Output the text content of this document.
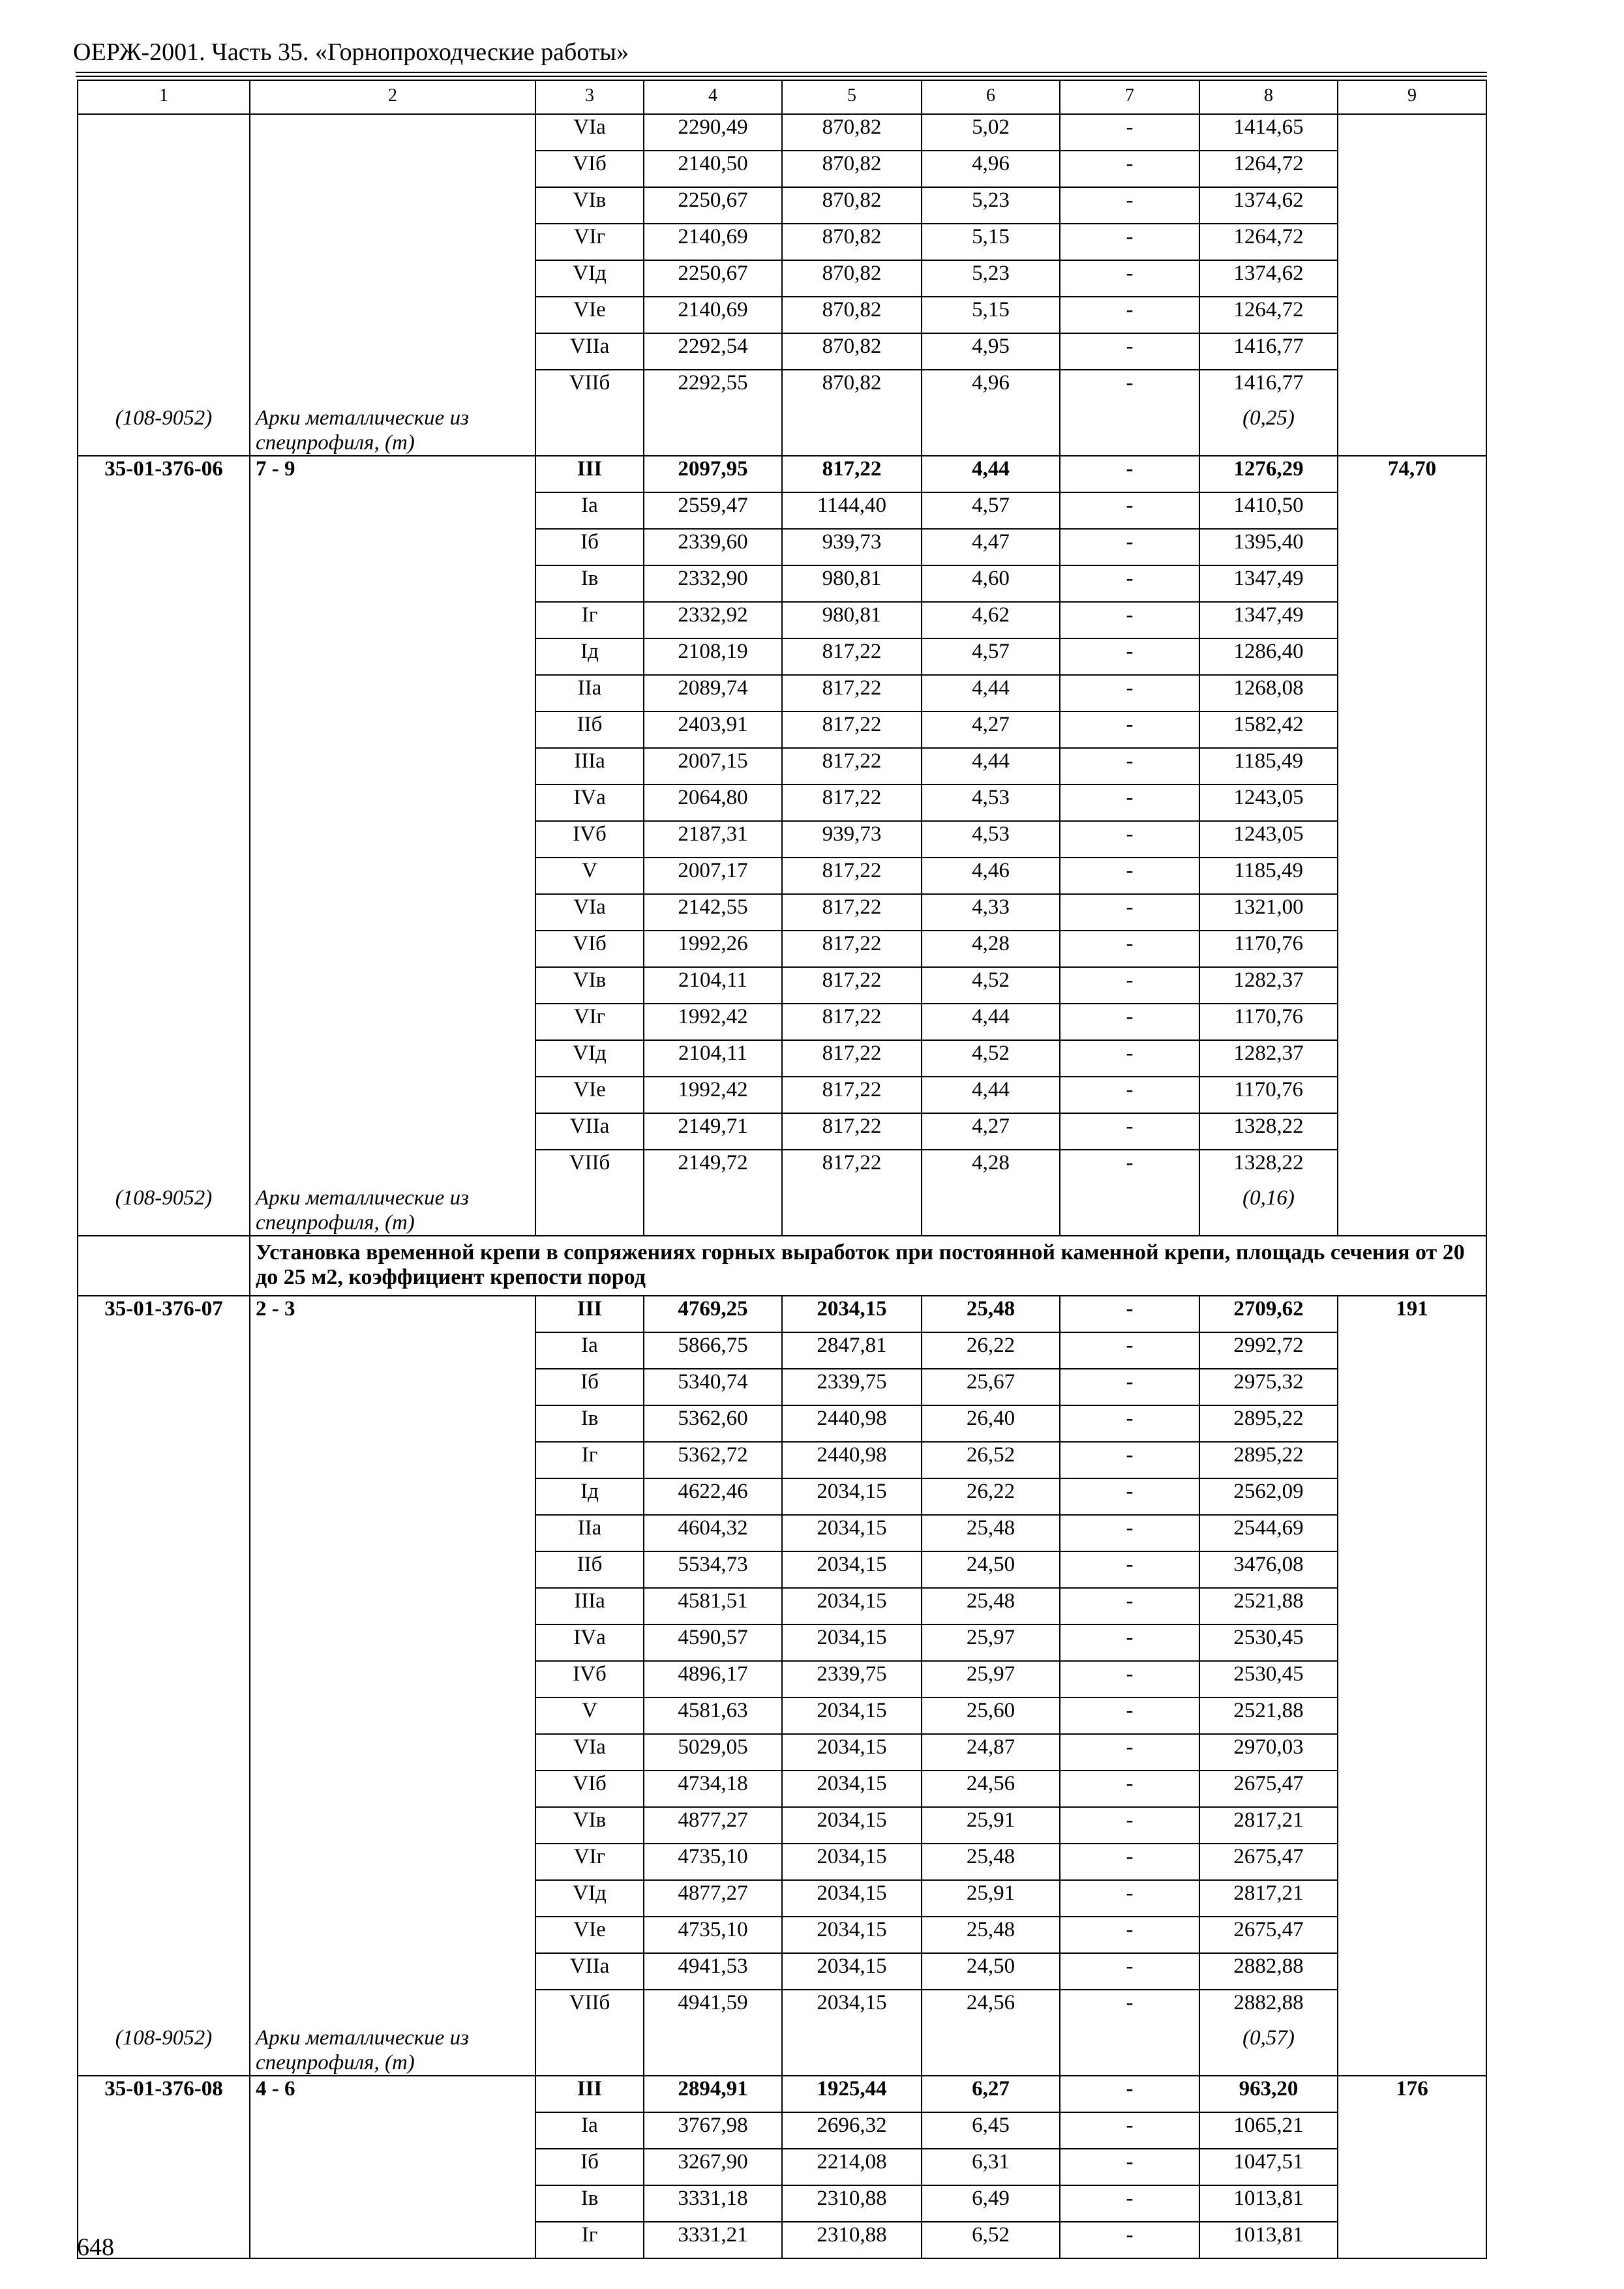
ОЕРЖ-2001. Часть 35. «Горнопроходческие работы»
1	2	3	4	5	6	7	8	9
		VIа	2290,49	870,82	5,02	-	1414,65	
		VIб	2140,50	870,82	4,96	-	1264,72	
		VIв	2250,67	870,82	5,23	-	1374,62	
		VIг	2140,69	870,82	5,15	-	1264,72	
		VIд	2250,67	870,82	5,23	-	1374,62	
		VIе	2140,69	870,82	5,15	-	1264,72	
		VIIа	2292,54	870,82	4,95	-	1416,77	
		VIIб	2292,55	870,82	4,96	-	1416,77	
(108-9052)	Арки металлические из спецпрофиля, (т)						(0,25)	
35-01-376-06	7 - 9	III	2097,95	817,22	4,44	-	1276,29	74,70
		Iа	2559,47	1144,40	4,57	-	1410,50	
		Iб	2339,60	939,73	4,47	-	1395,40	
		Iв	2332,90	980,81	4,60	-	1347,49	
		Iг	2332,92	980,81	4,62	-	1347,49	
		Iд	2108,19	817,22	4,57	-	1286,40	
		IIа	2089,74	817,22	4,44	-	1268,08	
		IIб	2403,91	817,22	4,27	-	1582,42	
		IIIа	2007,15	817,22	4,44	-	1185,49	
		IVа	2064,80	817,22	4,53	-	1243,05	
		IVб	2187,31	939,73	4,53	-	1243,05	
		V	2007,17	817,22	4,46	-	1185,49	
		VIа	2142,55	817,22	4,33	-	1321,00	
		VIб	1992,26	817,22	4,28	-	1170,76	
		VIв	2104,11	817,22	4,52	-	1282,37	
		VIг	1992,42	817,22	4,44	-	1170,76	
		VIд	2104,11	817,22	4,52	-	1282,37	
		VIе	1992,42	817,22	4,44	-	1170,76	
		VIIа	2149,71	817,22	4,27	-	1328,22	
		VIIб	2149,72	817,22	4,28	-	1328,22	
(108-9052)	Арки металлические из спецпрофиля, (т)						(0,16)	
	Установка временной крепи в сопряжениях горных выработок при постоянной каменной крепи, площадь сечения от 20 до 25 м2, коэффициент крепости пород							
35-01-376-07	2 - 3	III	4769,25	2034,15	25,48	-	2709,62	191
		Iа	5866,75	2847,81	26,22	-	2992,72	
		Iб	5340,74	2339,75	25,67	-	2975,32	
		Iв	5362,60	2440,98	26,40	-	2895,22	
		Iг	5362,72	2440,98	26,52	-	2895,22	
		Iд	4622,46	2034,15	26,22	-	2562,09	
		IIа	4604,32	2034,15	25,48	-	2544,69	
		IIб	5534,73	2034,15	24,50	-	3476,08	
		IIIа	4581,51	2034,15	25,48	-	2521,88	
		IVа	4590,57	2034,15	25,97	-	2530,45	
		IVб	4896,17	2339,75	25,97	-	2530,45	
		V	4581,63	2034,15	25,60	-	2521,88	
		VIа	5029,05	2034,15	24,87	-	2970,03	
		VIб	4734,18	2034,15	24,56	-	2675,47	
		VIв	4877,27	2034,15	25,91	-	2817,21	
		VIг	4735,10	2034,15	25,48	-	2675,47	
		VIд	4877,27	2034,15	25,91	-	2817,21	
		VIе	4735,10	2034,15	25,48	-	2675,47	
		VIIа	4941,53	2034,15	24,50	-	2882,88	
		VIIб	4941,59	2034,15	24,56	-	2882,88	
(108-9052)	Арки металлические из спецпрофиля, (т)						(0,57)	
35-01-376-08	4 - 6	III	2894,91	1925,44	6,27	-	963,20	176
		Iа	3767,98	2696,32	6,45	-	1065,21	
		Iб	3267,90	2214,08	6,31	-	1047,51	
		Iв	3331,18	2310,88	6,49	-	1013,81	
		Iг	3331,21	2310,88	6,52	-	1013,81	
648
